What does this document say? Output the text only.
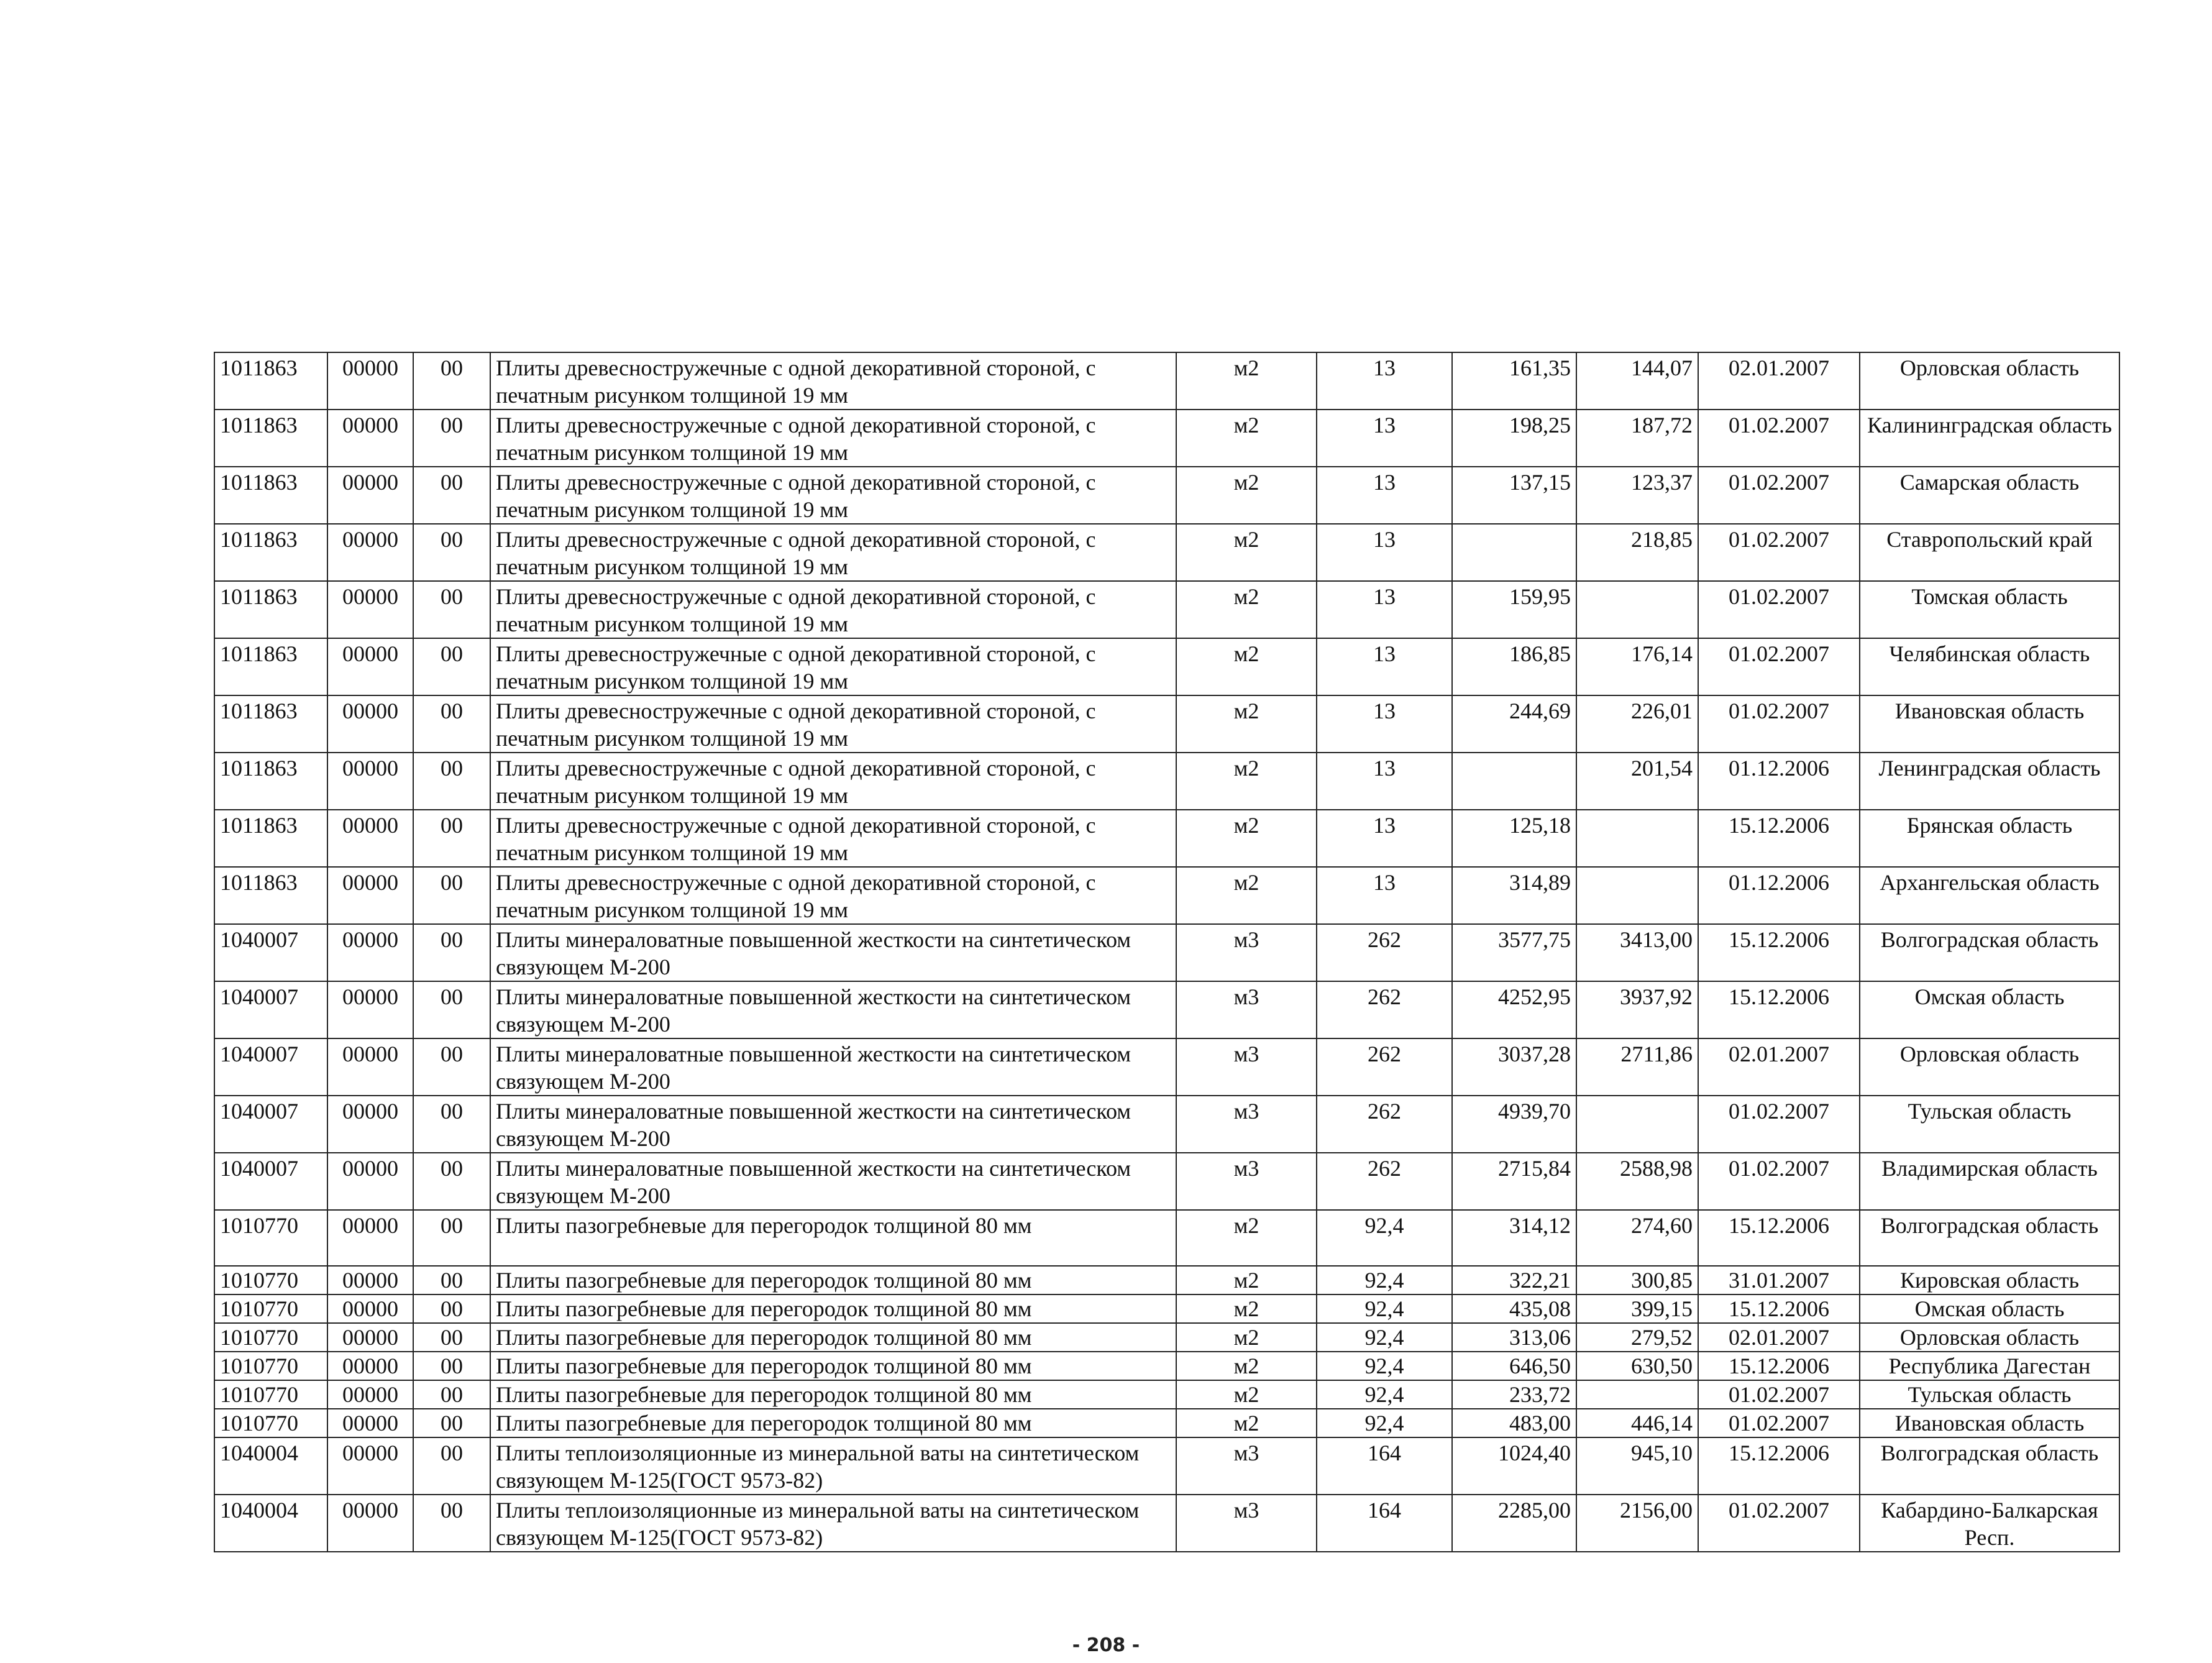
1011863	00000	00	Плиты древесностружечные с одной декоративной стороной, с печатным рисунком толщиной 19 мм	м2	13	161,35	144,07	02.01.2007	Орловская область
1011863	00000	00	Плиты древесностружечные с одной декоративной стороной, с печатным рисунком толщиной 19 мм	м2	13	198,25	187,72	01.02.2007	Калининградская область
1011863	00000	00	Плиты древесностружечные с одной декоративной стороной, с печатным рисунком толщиной 19 мм	м2	13	137,15	123,37	01.02.2007	Самарская область
1011863	00000	00	Плиты древесностружечные с одной декоративной стороной, с печатным рисунком толщиной 19 мм	м2	13		218,85	01.02.2007	Ставропольский край
1011863	00000	00	Плиты древесностружечные с одной декоративной стороной, с печатным рисунком толщиной 19 мм	м2	13	159,95		01.02.2007	Томская область
1011863	00000	00	Плиты древесностружечные с одной декоративной стороной, с печатным рисунком толщиной 19 мм	м2	13	186,85	176,14	01.02.2007	Челябинская область
1011863	00000	00	Плиты древесностружечные с одной декоративной стороной, с печатным рисунком толщиной 19 мм	м2	13	244,69	226,01	01.02.2007	Ивановская область
1011863	00000	00	Плиты древесностружечные с одной декоративной стороной, с печатным рисунком толщиной 19 мм	м2	13		201,54	01.12.2006	Ленинградская область
1011863	00000	00	Плиты древесностружечные с одной декоративной стороной, с печатным рисунком толщиной 19 мм	м2	13	125,18		15.12.2006	Брянская область
1011863	00000	00	Плиты древесностружечные с одной декоративной стороной, с печатным рисунком толщиной 19 мм	м2	13	314,89		01.12.2006	Архангельская область
1040007	00000	00	Плиты минераловатные повышенной жесткости на синтетическом связующем М-200	м3	262	3577,75	3413,00	15.12.2006	Волгоградская область
1040007	00000	00	Плиты минераловатные повышенной жесткости на синтетическом связующем М-200	м3	262	4252,95	3937,92	15.12.2006	Омская область
1040007	00000	00	Плиты минераловатные повышенной жесткости на синтетическом связующем М-200	м3	262	3037,28	2711,86	02.01.2007	Орловская область
1040007	00000	00	Плиты минераловатные повышенной жесткости на синтетическом связующем М-200	м3	262	4939,70		01.02.2007	Тульская область
1040007	00000	00	Плиты минераловатные повышенной жесткости на синтетическом связующем М-200	м3	262	2715,84	2588,98	01.02.2007	Владимирская область
1010770	00000	00	Плиты пазогребневые для перегородок толщиной 80 мм	м2	92,4	314,12	274,60	15.12.2006	Волгоградская область
1010770	00000	00	Плиты пазогребневые для перегородок толщиной 80 мм	м2	92,4	322,21	300,85	31.01.2007	Кировская область
1010770	00000	00	Плиты пазогребневые для перегородок толщиной 80 мм	м2	92,4	435,08	399,15	15.12.2006	Омская область
1010770	00000	00	Плиты пазогребневые для перегородок толщиной 80 мм	м2	92,4	313,06	279,52	02.01.2007	Орловская область
1010770	00000	00	Плиты пазогребневые для перегородок толщиной 80 мм	м2	92,4	646,50	630,50	15.12.2006	Республика Дагестан
1010770	00000	00	Плиты пазогребневые для перегородок толщиной 80 мм	м2	92,4	233,72		01.02.2007	Тульская область
1010770	00000	00	Плиты пазогребневые для перегородок толщиной 80 мм	м2	92,4	483,00	446,14	01.02.2007	Ивановская область
1040004	00000	00	Плиты теплоизоляционные из минеральной ваты на синтетическом связующем М-125(ГОСТ 9573-82)	м3	164	1024,40	945,10	15.12.2006	Волгоградская область
1040004	00000	00	Плиты теплоизоляционные из минеральной ваты на синтетическом связующем М-125(ГОСТ 9573-82)	м3	164	2285,00	2156,00	01.02.2007	Кабардино-Балкарская Респ.
- 208 -
